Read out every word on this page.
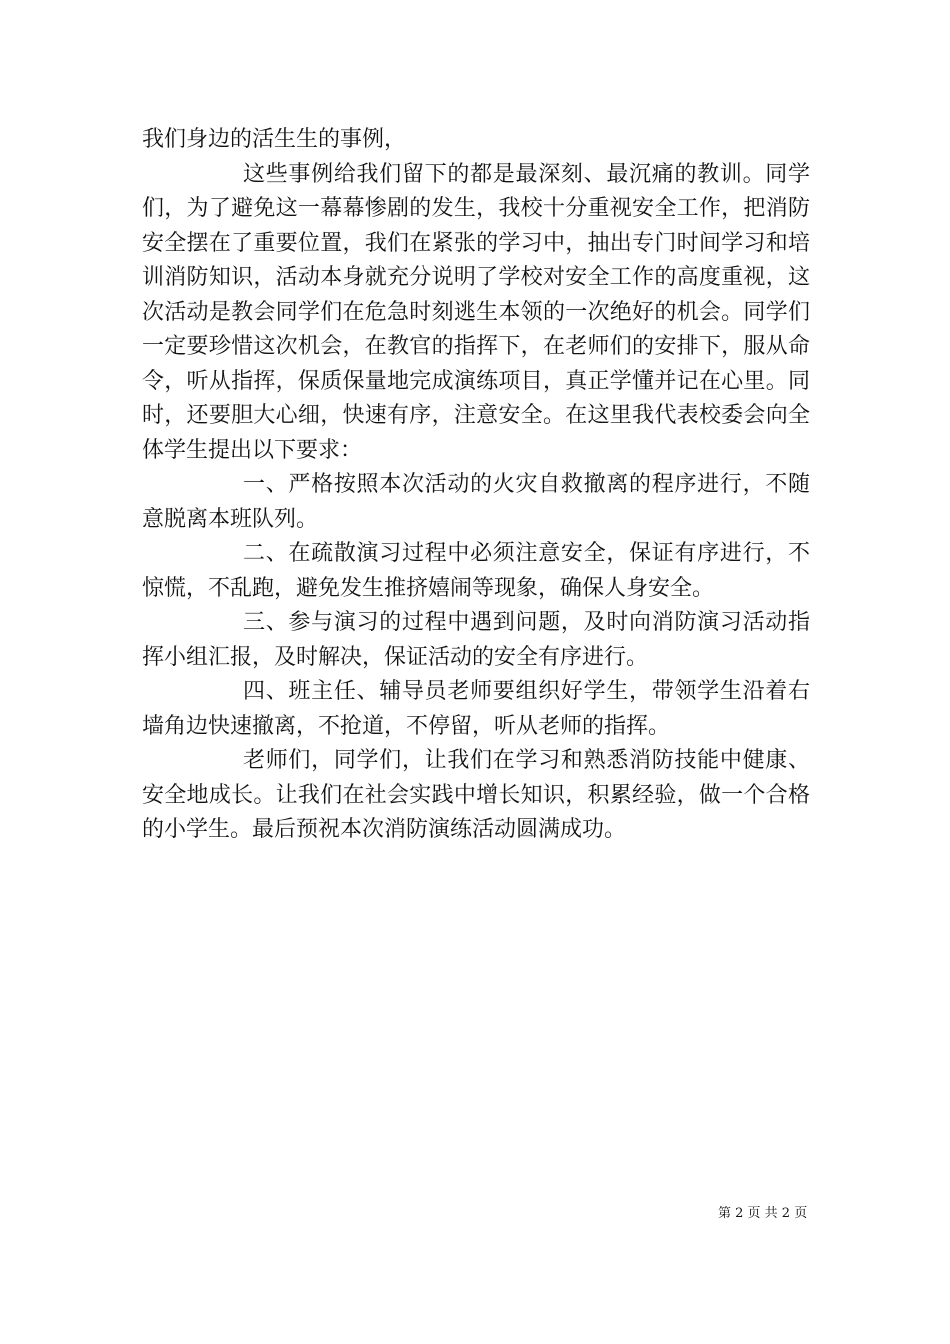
我们身边的活生生的事例，

这些事例给我们留下的都是最深刻、最沉痛的教训。同学们，为了避免这一幕幕惨剧的发生，我校十分重视安全工作，把消防安全摆在了重要位置，我们在紧张的学习中，抽出专门时间学习和培训消防知识，活动本身就充分说明了学校对安全工作的高度重视，这次活动是教会同学们在危急时刻逃生本领的一次绝好的机会。同学们一定要珍惜这次机会，在教官的指挥下，在老师们的安排下，服从命令，听从指挥，保质保量地完成演练项目，真正学懂并记在心里。同时，还要胆大心细，快速有序，注意安全。在这里我代表校委会向全体学生提出以下要求：

一、严格按照本次活动的火灾自救撤离的程序进行，不随意脱离本班队列。

二、在疏散演习过程中必须注意安全，保证有序进行，不惊慌，不乱跑，避免发生推挤嬉闹等现象，确保人身安全。

三、参与演习的过程中遇到问题，及时向消防演习活动指挥小组汇报，及时解决，保证活动的安全有序进行。

四、班主任、辅导员老师要组织好学生，带领学生沿着右墙角边快速撤离，不抢道，不停留，听从老师的指挥。

老师们，同学们，让我们在学习和熟悉消防技能中健康、安全地成长。让我们在社会实践中增长知识，积累经验，做一个合格的小学生。最后预祝本次消防演练活动圆满成功。

第 2 页 共 2 页
